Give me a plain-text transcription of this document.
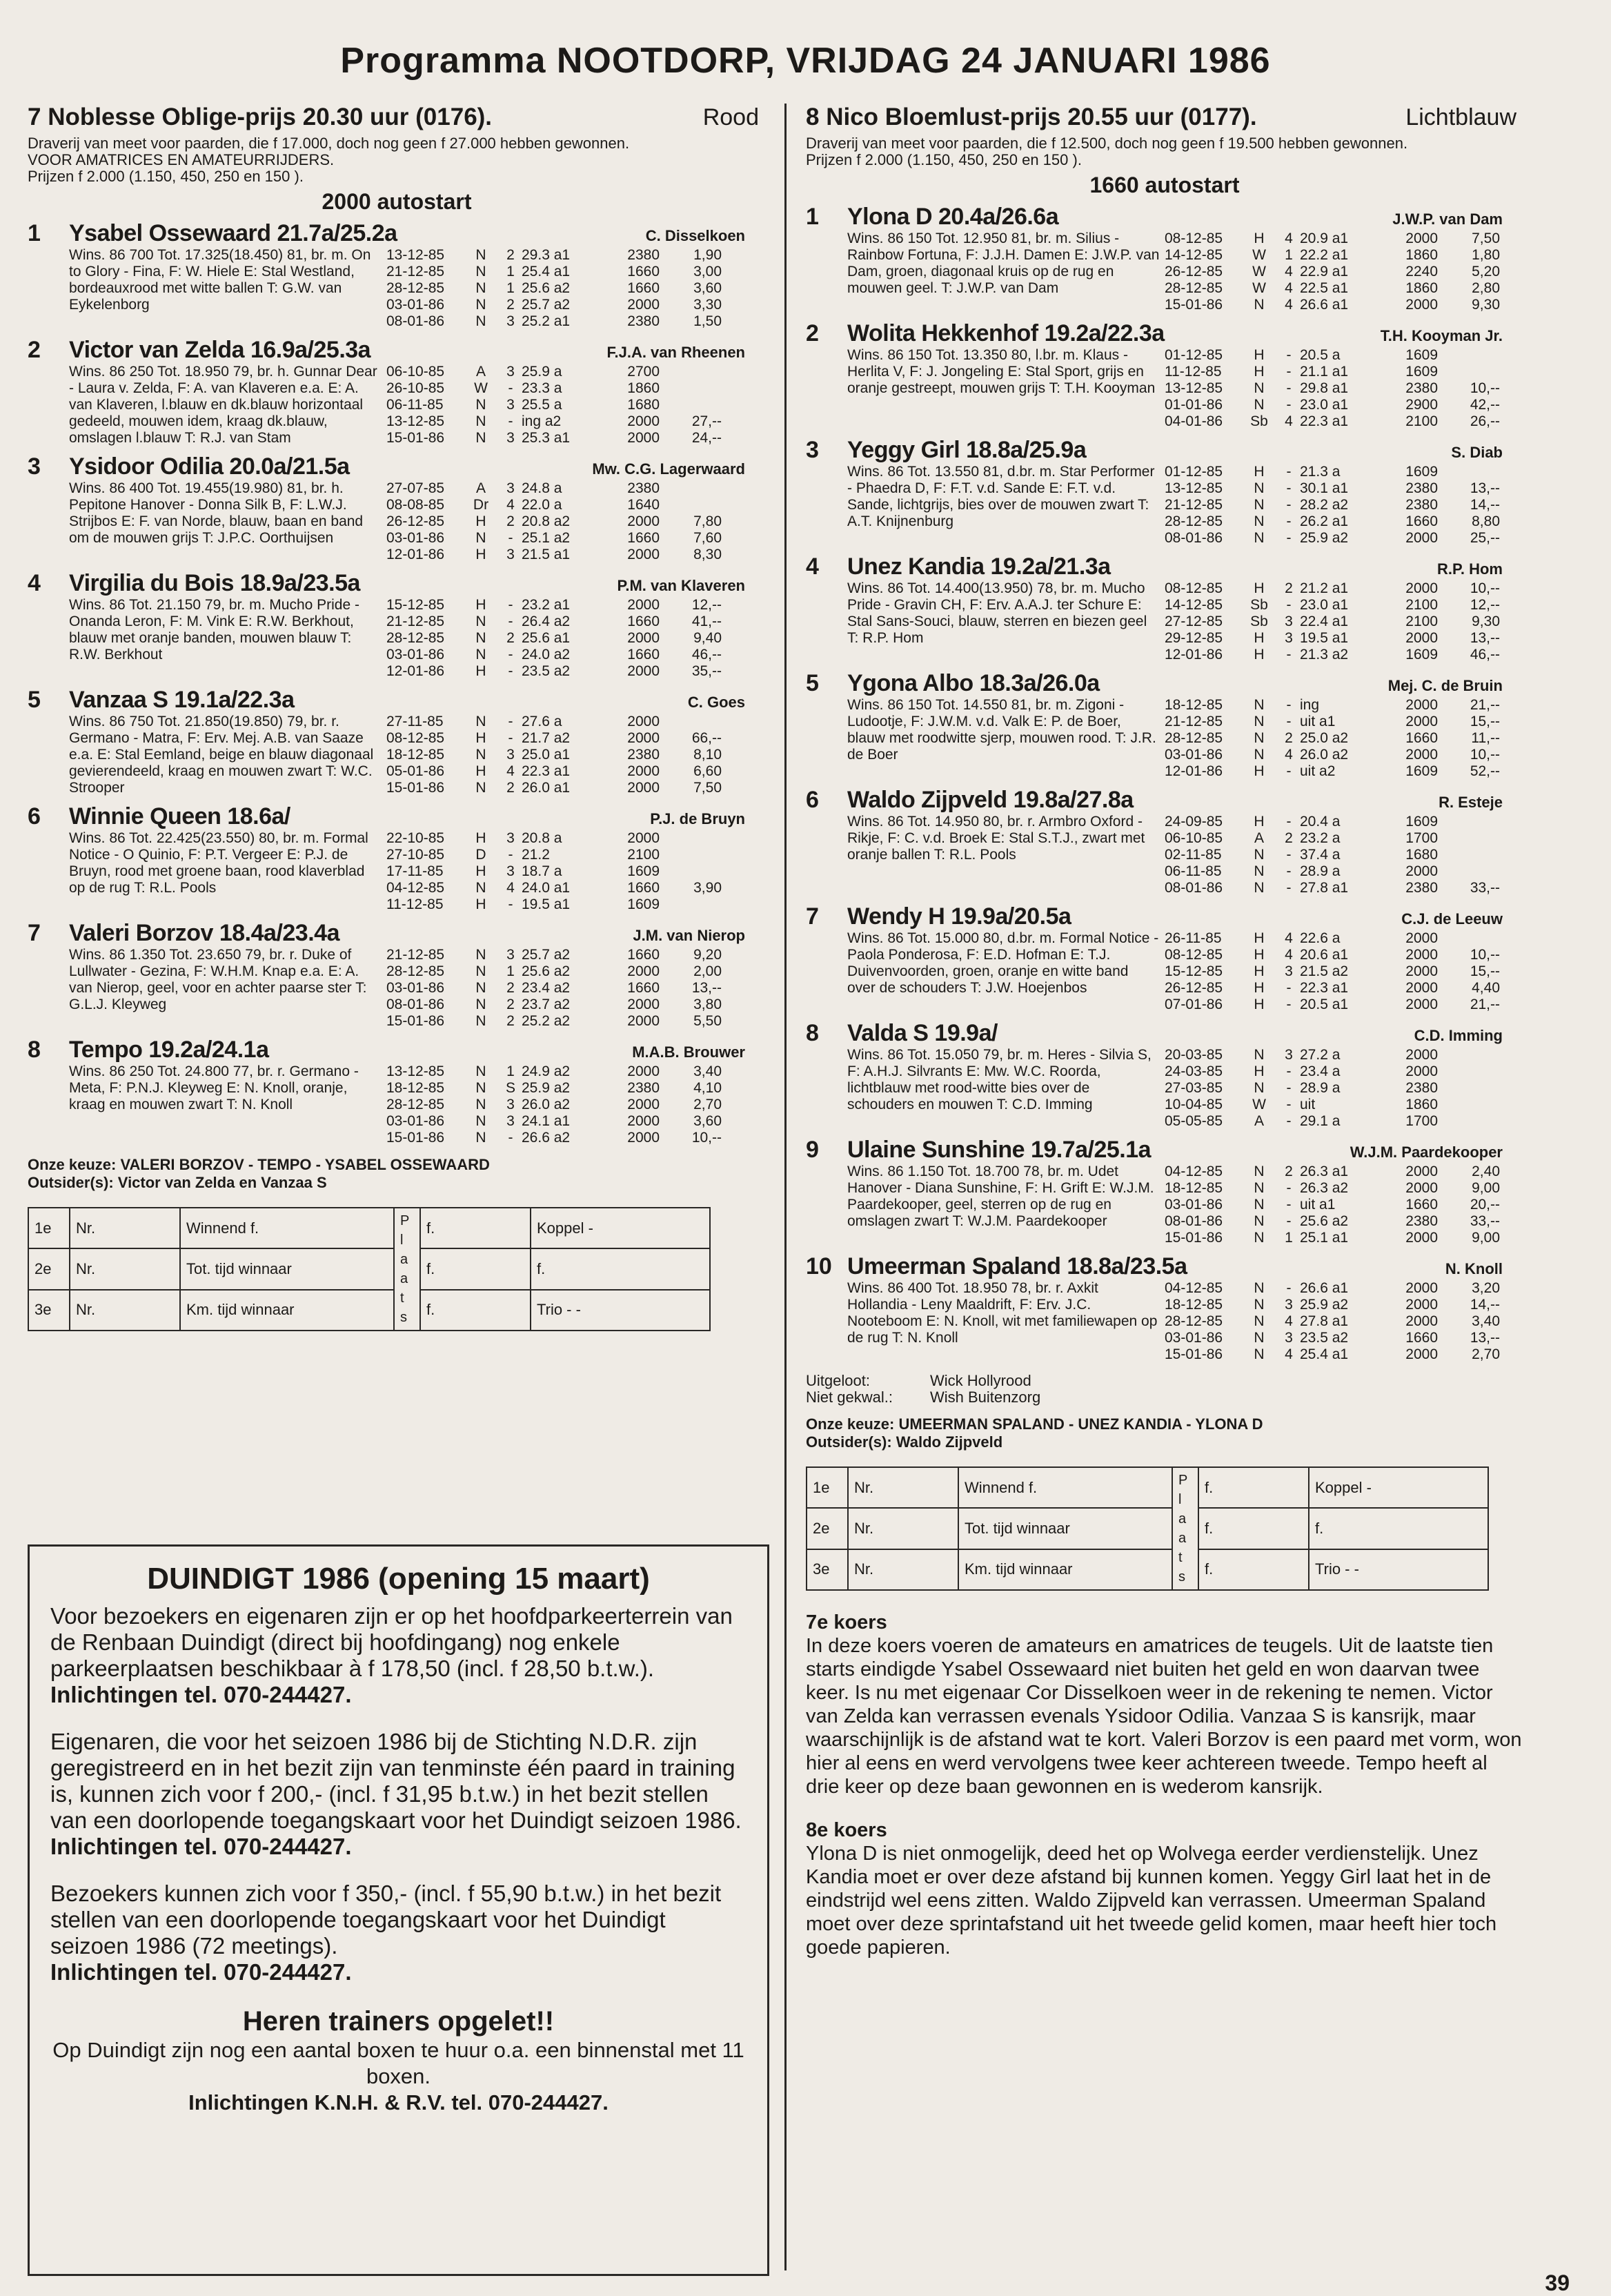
Programma NOOTDORP, VRIJDAG 24 JANUARI 1986
7 Noblesse Oblige-prijs 20.30 uur (0176).	Rood
Draverij van meet voor paarden, die f 17.000, doch nog geen f 27.000 hebben gewonnen.
VOOR AMATRICES EN AMATEURRIJDERS.
Prijzen f 2.000 (1.150, 450, 250 en 150 ).
2000 autostart
1	Ysabel Ossewaard 21.7a/25.2a	C. Disselkoen
Wins. 86 700 Tot. 17.325(18.450) 81, br. m. On to Glory - Fina, F: W. Hiele E: Stal Westland, bordeauxrood met witte ballen T: G.W. van Eykelenborg
13-12-85	N	2 29.3 a1	2380	1,90
21-12-85	N	1 25.4 a1	1660	3,00
28-12-85	N	1 25.6 a2	1660	3,60
03-01-86	N	2 25.7 a2	2000	3,30
08-01-86	N	3 25.2 a1	2380	1,50
2	Victor van Zelda 16.9a/25.3a	F.J.A. van Rheenen
Wins. 86 250 Tot. 18.950 79, br. h. Gunnar Dear - Laura v. Zelda, F: A. van Klaveren e.a. E: A. van Klaveren, l.blauw en dk.blauw horizontaal gedeeld, mouwen idem, kraag dk.blauw, omslagen l.blauw T: R.J. van Stam
06-10-85	A	3 25.9 a	2700
26-10-85	W	- 23.3 a	1860
06-11-85	N	3 25.5 a	1680
13-12-85	N	- ing a2	2000	27,--
15-01-86	N	3 25.3 a1	2000	24,--
3	Ysidoor Odilia 20.0a/21.5a	Mw. C.G. Lagerwaard
Wins. 86 400 Tot. 19.455(19.980) 81, br. h. Pepitone Hanover - Donna Silk B, F: L.W.J. Strijbos E: F. van Norde, blauw, baan en band om de mouwen grijs T: J.P.C. Oorthuijsen
27-07-85	A	3 24.8 a	2380
08-08-85	Dr	4 22.0 a	1640
26-12-85	H	2 20.8 a2	2000	7,80
03-01-86	N	- 25.1 a2	1660	7,60
12-01-86	H	3 21.5 a1	2000	8,30
4	Virgilia du Bois 18.9a/23.5a	P.M. van Klaveren
Wins. 86 Tot. 21.150 79, br. m. Mucho Pride - Onanda Leron, F: M. Vink E: R.W. Berkhout, blauw met oranje banden, mouwen blauw T: R.W. Berkhout
15-12-85	H	- 23.2 a1	2000	12,--
21-12-85	N	- 26.4 a2	1660	41,--
28-12-85	N	2 25.6 a1	2000	9,40
03-01-86	N	- 24.0 a2	1660	46,--
12-01-86	H	- 23.5 a2	2000	35,--
5	Vanzaa S 19.1a/22.3a	C. Goes
Wins. 86 750 Tot. 21.850(19.850) 79, br. r. Germano - Matra, F: Erv. Mej. A.B. van Saaze e.a. E: Stal Eemland, beige en blauw diagonaal gevierendeeld, kraag en mouwen zwart T: W.C. Strooper
27-11-85	N	- 27.6 a	2000
08-12-85	H	- 21.7 a2	2000	66,--
18-12-85	N	3 25.0 a1	2380	8,10
05-01-86	H	4 22.3 a1	2000	6,60
15-01-86	N	2 26.0 a1	2000	7,50
6	Winnie Queen 18.6a/	P.J. de Bruyn
Wins. 86 Tot. 22.425(23.550) 80, br. m. Formal Notice - O Quinio, F: P.T. Vergeer E: P.J. de Bruyn, rood met groene baan, rood klaverblad op de rug T: R.L. Pools
22-10-85	H	3 20.8 a	2000
27-10-85	D	- 21.2	2100
17-11-85	H	3 18.7 a	1609
04-12-85	N	4 24.0 a1	1660	3,90
11-12-85	H	- 19.5 a1	1609
7	Valeri Borzov 18.4a/23.4a	J.M. van Nierop
Wins. 86 1.350 Tot. 23.650 79, br. r. Duke of Lullwater - Gezina, F: W.H.M. Knap e.a. E: A. van Nierop, geel, voor en achter paarse ster T: G.L.J. Kleyweg
21-12-85	N	3 25.7 a2	1660	9,20
28-12-85	N	1 25.6 a2	2000	2,00
03-01-86	N	2 23.4 a2	1660	13,--
08-01-86	N	2 23.7 a2	2000	3,80
15-01-86	N	2 25.2 a2	2000	5,50
8	Tempo 19.2a/24.1a	M.A.B. Brouwer
Wins. 86 250 Tot. 24.800 77, br. r. Germano - Meta, F: P.N.J. Kleyweg E: N. Knoll, oranje, kraag en mouwen zwart T: N. Knoll
13-12-85	N	1 24.9 a2	2000	3,40
18-12-85	N	S 25.9 a2	2380	4,10
28-12-85	N	3 26.0 a2	2000	2,70
03-01-86	N	3 24.1 a1	2000	3,60
15-01-86	N	- 26.6 a2	2000	10,--
Onze keuze: VALERI BORZOV - TEMPO - YSABEL OSSEWAARD
Outsider(s): Victor van Zelda en Vanzaa S
1e	Nr.	Winnend f.	P l a a t s	f.	Koppel -
2e	Nr.	Tot. tijd winnaar		f.	f.
3e	Nr.	Km. tijd winnaar		f.	Trio - -
8 Nico Bloemlust-prijs 20.55 uur (0177).	Lichtblauw
Draverij van meet voor paarden, die f 12.500, doch nog geen f 19.500 hebben gewonnen.
Prijzen f 2.000 (1.150, 450, 250 en 150 ).
1660 autostart
1	Ylona D 20.4a/26.6a	J.W.P. van Dam
Wins. 86 150 Tot. 12.950 81, br. m. Silius - Rainbow Fortuna, F: J.J.H. Damen E: J.W.P. van Dam, groen, diagonaal kruis op de rug en mouwen geel. T: J.W.P. van Dam
08-12-85	H	4 20.9 a1	2000	7,50
14-12-85	W	1 22.2 a1	1860	1,80
26-12-85	W	4 22.9 a1	2240	5,20
28-12-85	W	4 22.5 a1	1860	2,80
15-01-86	N	4 26.6 a1	2000	9,30
2	Wolita Hekkenhof 19.2a/22.3a	T.H. Kooyman Jr.
Wins. 86 150 Tot. 13.350 80, l.br. m. Klaus - Herlita V, F: J. Jongeling E: Stal Sport, grijs en oranje gestreept, mouwen grijs T: T.H. Kooyman
01-12-85	H	- 20.5 a	1609
11-12-85	H	- 21.1 a1	1609
13-12-85	N	- 29.8 a1	2380	10,--
01-01-86	N	- 23.0 a1	2900	42,--
04-01-86	Sb	4 22.3 a1	2100	26,--
3	Yeggy Girl 18.8a/25.9a	S. Diab
Wins. 86 Tot. 13.550 81, d.br. m. Star Performer - Phaedra D, F: F.T. v.d. Sande E: F.T. v.d. Sande, lichtgrijs, bies over de mouwen zwart T: A.T. Knijnenburg
01-12-85	H	- 21.3 a	1609
13-12-85	N	- 30.1 a1	2380	13,--
21-12-85	N	- 28.2 a2	2380	14,--
28-12-85	N	- 26.2 a1	1660	8,80
08-01-86	N	- 25.9 a2	2000	25,--
4	Unez Kandia 19.2a/21.3a	R.P. Hom
Wins. 86 Tot. 14.400(13.950) 78, br. m. Mucho Pride - Gravin CH, F: Erv. A.A.J. ter Schure E: Stal Sans-Souci, blauw, sterren en biezen geel T: R.P. Hom
08-12-85	H	2 21.2 a1	2000	10,--
14-12-85	Sb	- 23.0 a1	2100	12,--
27-12-85	Sb	3 22.4 a1	2100	9,30
29-12-85	H	3 19.5 a1	2000	13,--
12-01-86	H	- 21.3 a2	1609	46,--
5	Ygona Albo 18.3a/26.0a	Mej. C. de Bruin
Wins. 86 150 Tot. 14.550 81, br. m. Zigoni - Ludootje, F: J.W.M. v.d. Valk E: P. de Boer, blauw met roodwitte sjerp, mouwen rood. T: J.R. de Boer
18-12-85	N	- ing	2000	21,--
21-12-85	N	- uit a1	2000	15,--
28-12-85	N	2 25.0 a2	1660	11,--
03-01-86	N	4 26.0 a2	2000	10,--
12-01-86	H	- uit a2	1609	52,--
6	Waldo Zijpveld 19.8a/27.8a	R. Esteje
Wins. 86 Tot. 14.950 80, br. r. Armbro Oxford - Rikje, F: C. v.d. Broek E: Stal S.T.J., zwart met oranje ballen T: R.L. Pools
24-09-85	H	- 20.4 a	1609
06-10-85	A	2 23.2 a	1700
02-11-85	N	- 37.4 a	1680
06-11-85	N	- 28.9 a	2000
08-01-86	N	- 27.8 a1	2380	33,--
7	Wendy H 19.9a/20.5a	C.J. de Leeuw
Wins. 86 Tot. 15.000 80, d.br. m. Formal Notice - Paola Ponderosa, F: E.D. Hofman E: T.J. Duivenvoorden, groen, oranje en witte band over de schouders T: J.W. Hoejenbos
26-11-85	H	4 22.6 a	2000
08-12-85	H	4 20.6 a1	2000	10,--
15-12-85	H	3 21.5 a2	2000	15,--
26-12-85	H	- 22.3 a1	2000	4,40
07-01-86	H	- 20.5 a1	2000	21,--
8	Valda S 19.9a/	C.D. Imming
Wins. 86 Tot. 15.050 79, br. m. Heres - Silvia S, F: A.H.J. Silvrants E: Mw. W.C. Roorda, lichtblauw met rood-witte bies over de schouders en mouwen T: C.D. Imming
20-03-85	N	3 27.2 a	2000
24-03-85	H	- 23.4 a	2000
27-03-85	N	- 28.9 a	2380
10-04-85	W	- uit	1860
05-05-85	A	- 29.1 a	1700
9	Ulaine Sunshine 19.7a/25.1a	W.J.M. Paardekooper
Wins. 86 1.150 Tot. 18.700 78, br. m. Udet Hanover - Diana Sunshine, F: H. Grift E: W.J.M. Paardekooper, geel, sterren op de rug en omslagen zwart T: W.J.M. Paardekooper
04-12-85	N	2 26.3 a1	2000	2,40
18-12-85	N	- 26.3 a2	2000	9,00
03-01-86	N	- uit a1	1660	20,--
08-01-86	N	- 25.6 a2	2380	33,--
15-01-86	N	1 25.1 a1	2000	9,00
10 Umeerman Spaland 18.8a/23.5a	N. Knoll
Wins. 86 400 Tot. 18.950 78, br. r. Axkit Hollandia - Leny Maaldrift, F: Erv. J.C. Nooteboom E: N. Knoll, wit met familiewapen op de rug T: N. Knoll
04-12-85	N	- 26.6 a1	2000	3,20
18-12-85	N	3 25.9 a2	2000	14,--
28-12-85	N	4 27.8 a1	2000	3,40
03-01-86	N	3 23.5 a2	1660	13,--
15-01-86	N	4 25.4 a1	2000	2,70
Uitgeloot:	Wick Hollyrood
Niet gekwal.: Wish Buitenzorg
Onze keuze: UMEERMAN SPALAND - UNEZ KANDIA - YLONA D
Outsider(s): Waldo Zijpveld
1e	Nr.	Winnend f.	P l a a t s	f.	Koppel -
2e	Nr.	Tot. tijd winnaar		f.	f.
3e	Nr.	Km. tijd winnaar		f.	Trio - -
7e koers
In deze koers voeren de amateurs en amatrices de teugels. Uit de laatste tien starts eindigde Ysabel Ossewaard niet buiten het geld en won daarvan twee keer. Is nu met eigenaar Cor Disselkoen weer in de rekening te nemen. Victor van Zelda kan verrassen evenals Ysidoor Odilia. Vanzaa S is kansrijk, maar waarschijnlijk is de afstand wat te kort. Valeri Borzov is een paard met vorm, won hier al eens en werd vervolgens twee keer achtereen tweede. Tempo heeft al drie keer op deze baan gewonnen en is wederom kansrijk.
8e koers
Ylona D is niet onmogelijk, deed het op Wolvega eerder verdienstelijk. Unez Kandia moet er over deze afstand bij kunnen komen. Yeggy Girl laat het in de eindstrijd wel eens zitten. Waldo Zijpveld kan verrassen. Umeerman Spaland moet over deze sprintafstand uit het tweede gelid komen, maar heeft hier toch goede papieren.
DUINDIGT 1986 (opening 15 maart)
Voor bezoekers en eigenaren zijn er op het hoofdparkeerterrein van de Renbaan Duindigt (direct bij hoofdingang) nog enkele parkeerplaatsen beschikbaar à f 178,50 (incl. f 28,50 b.t.w.).
Inlichtingen tel. 070-244427.
Eigenaren, die voor het seizoen 1986 bij de Stichting N.D.R. zijn geregistreerd en in het bezit zijn van tenminste één paard in training is, kunnen zich voor f 200,- (incl. f 31,95 b.t.w.) in het bezit stellen van een doorlopende toegangskaart voor het Duindigt seizoen 1986.
Inlichtingen tel. 070-244427.
Bezoekers kunnen zich voor f 350,- (incl. f 55,90 b.t.w.) in het bezit stellen van een doorlopende toegangskaart voor het Duindigt seizoen 1986 (72 meetings).
Inlichtingen tel. 070-244427.
Heren trainers opgelet!!
Op Duindigt zijn nog een aantal boxen te huur o.a. een binnenstal met 11 boxen.
Inlichtingen K.N.H. & R.V. tel. 070-244427.
39
